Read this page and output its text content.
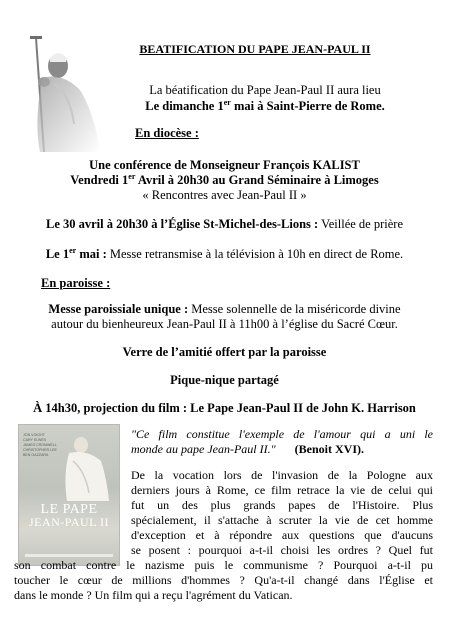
BEATIFICATION DU PAPE JEAN-PAUL II
La béatification du Pape Jean-Paul II aura lieu
Le dimanche 1er mai à Saint-Pierre de Rome.
En diocèse :
Une conférence de Monseigneur François KALIST
Vendredi 1er Avril à 20h30 au Grand Séminaire à Limoges
« Rencontres avec Jean-Paul II »
Le 30 avril à 20h30 à l’Église St-Michel-des-Lions : Veillée de prière
Le 1er mai : Messe retransmise à la télévision à 10h en direct de Rome.
En paroisse :
Messe paroissiale unique : Messe solennelle de la miséricorde divine
autour du bienheureux Jean-Paul II à 11h00 à l’église du Sacré Cœur.
Verre de l’amitié offert par la paroisse
Pique-nique partagé
À 14h30, projection du film : Le Pape Jean-Paul II de John K. Harrison
JON VOIGHT
CARY ELWES
JAMES CROMWELL
CHRISTOPHER LEE
BEN GAZZARA
LE PAPE
JEAN-PAUL II
"Ce film constitue l'exemple de l'amour qui a uni le
monde au pape Jean-Paul II." (Benoit XVI).
De la vocation lors de l'invasion de la Pologne aux
derniers jours à Rome, ce film retrace la vie de celui qui
fut un des plus grands papes de l'Histoire. Plus
spécialement, il s'attache à scruter la vie de cet homme
d'exception et à répondre aux questions que d'aucuns
se posent : pourquoi a-t-il choisi les ordres ? Quel fut
son combat contre le nazisme puis le communisme ? Pourquoi a-t-il pu
toucher le cœur de millions d'hommes ? Qu'a-t-il changé dans l'Église et
dans le monde ? Un film qui a reçu l'agrément du Vatican.
